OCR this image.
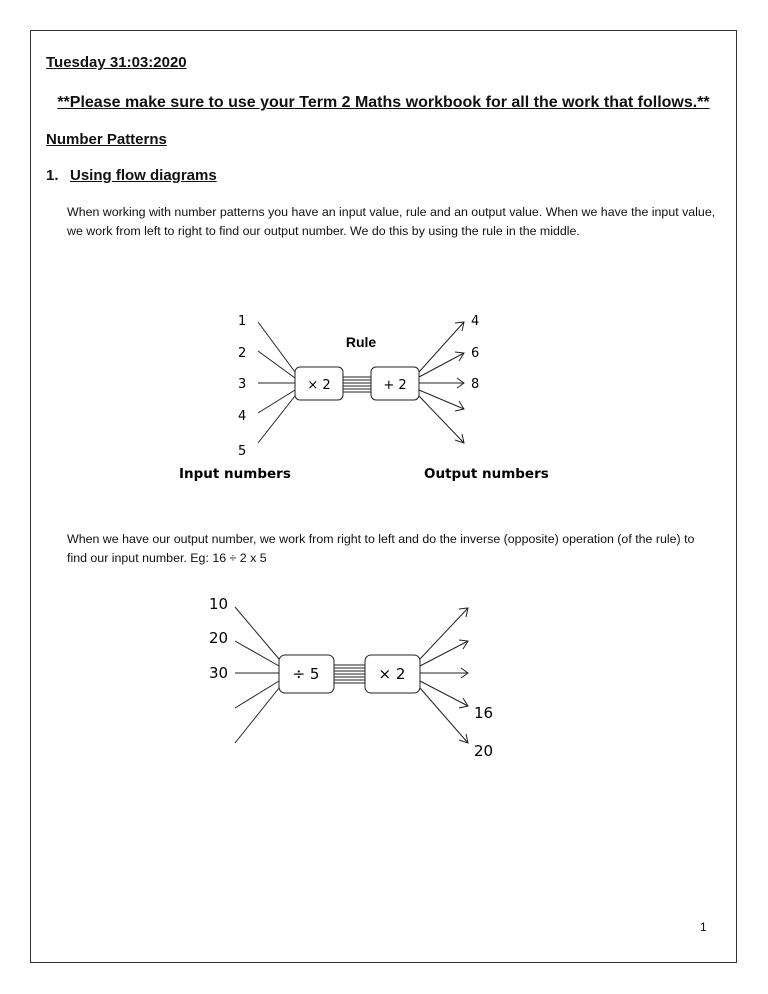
Tuesday 31:03:2020
**Please make sure to use your Term 2 Maths workbook for all the work that follows.**
Number Patterns
1. Using flow diagrams
When working with number patterns you have an input value, rule and an output value. When we have the input value, we work from left to right to find our output number. We do this by using the rule in the middle.
1
2
3
4
5
× 2	+ 2
Rule
4
6
8
Input numbers	Output numbers
10
20
30	÷ 5	× 2
16
20
When we have our output number, we work from right to left and do the inverse (opposite) operation (of the rule) to find our input number. Eg: 16 ÷ 2 x 5
1
